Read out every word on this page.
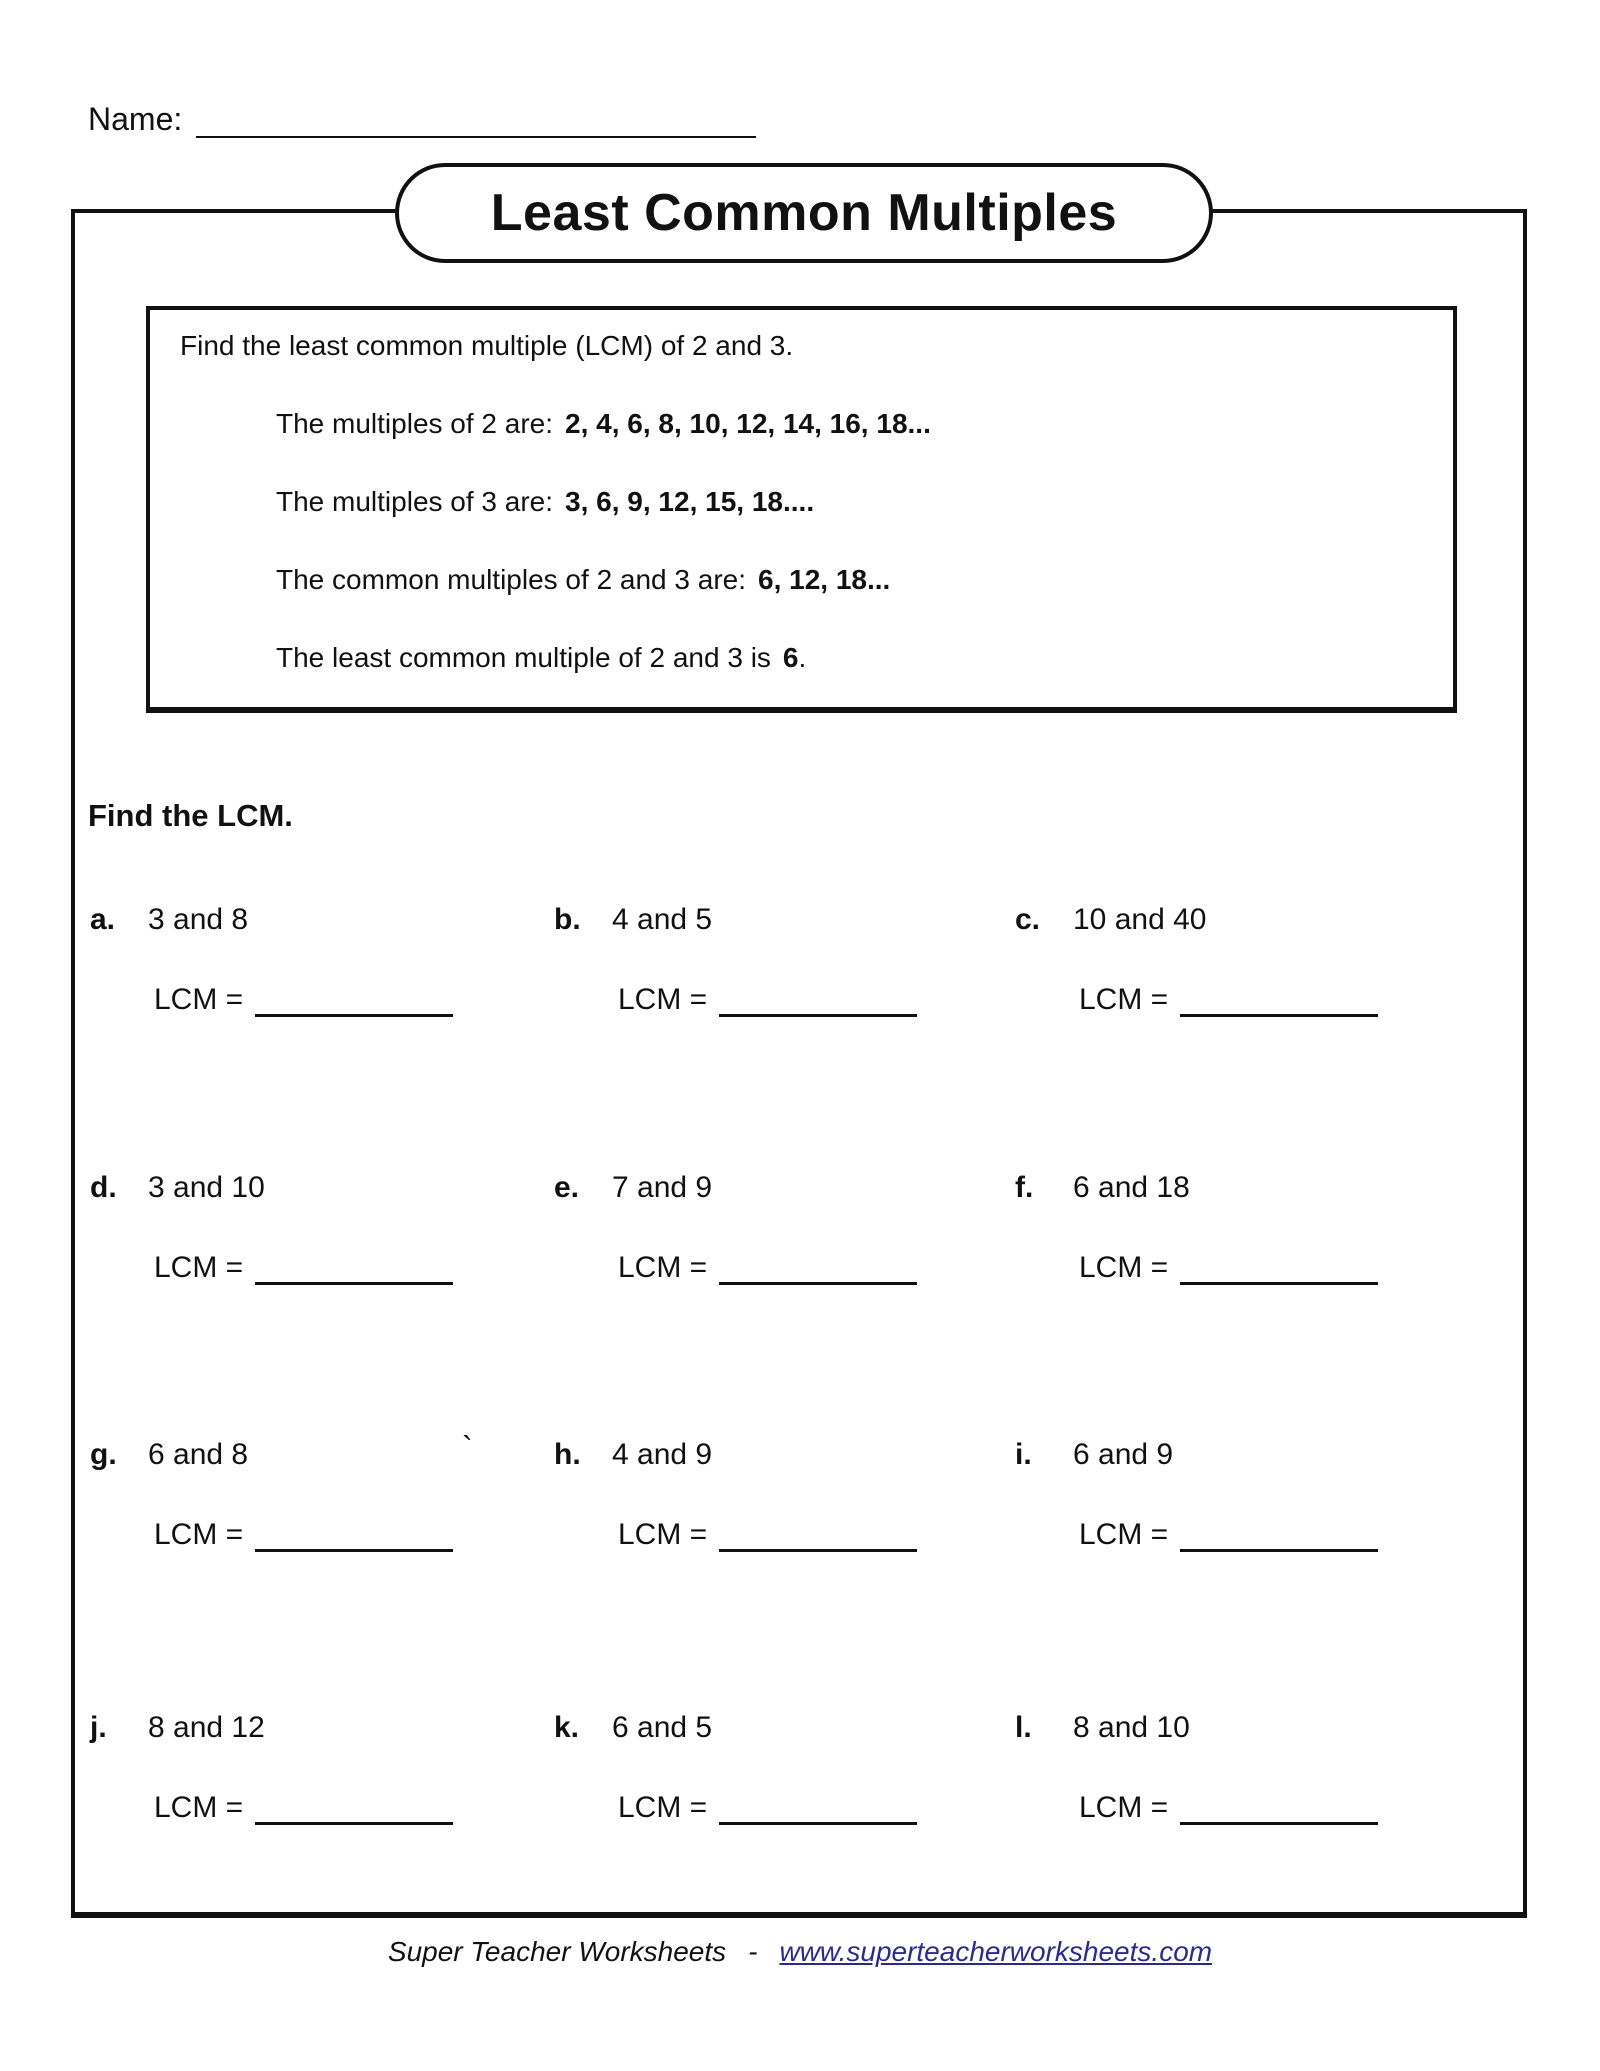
Name:
Least Common Multiples
Find the least common multiple (LCM) of 2 and 3.
The multiples of 2 are: 2, 4, 6, 8, 10, 12, 14, 16, 18...
The multiples of 3 are: 3, 6, 9, 12, 15, 18....
The common multiples of 2 and 3 are: 6, 12, 18...
The least common multiple of 2 and 3 is 6.
Find the LCM.
a. 3 and 8
LCM =
b. 4 and 5
LCM =
c. 10 and 40
LCM =
d. 3 and 10
LCM =
e. 7 and 9
LCM =
f. 6 and 18
LCM =
g. 6 and 8	`
LCM =
h. 4 and 9
LCM =
i. 6 and 9
LCM =
j. 8 and 12
LCM =
k. 6 and 5
LCM =
l. 8 and 10
LCM =
Super Teacher Worksheets - www.superteacherworksheets.com
